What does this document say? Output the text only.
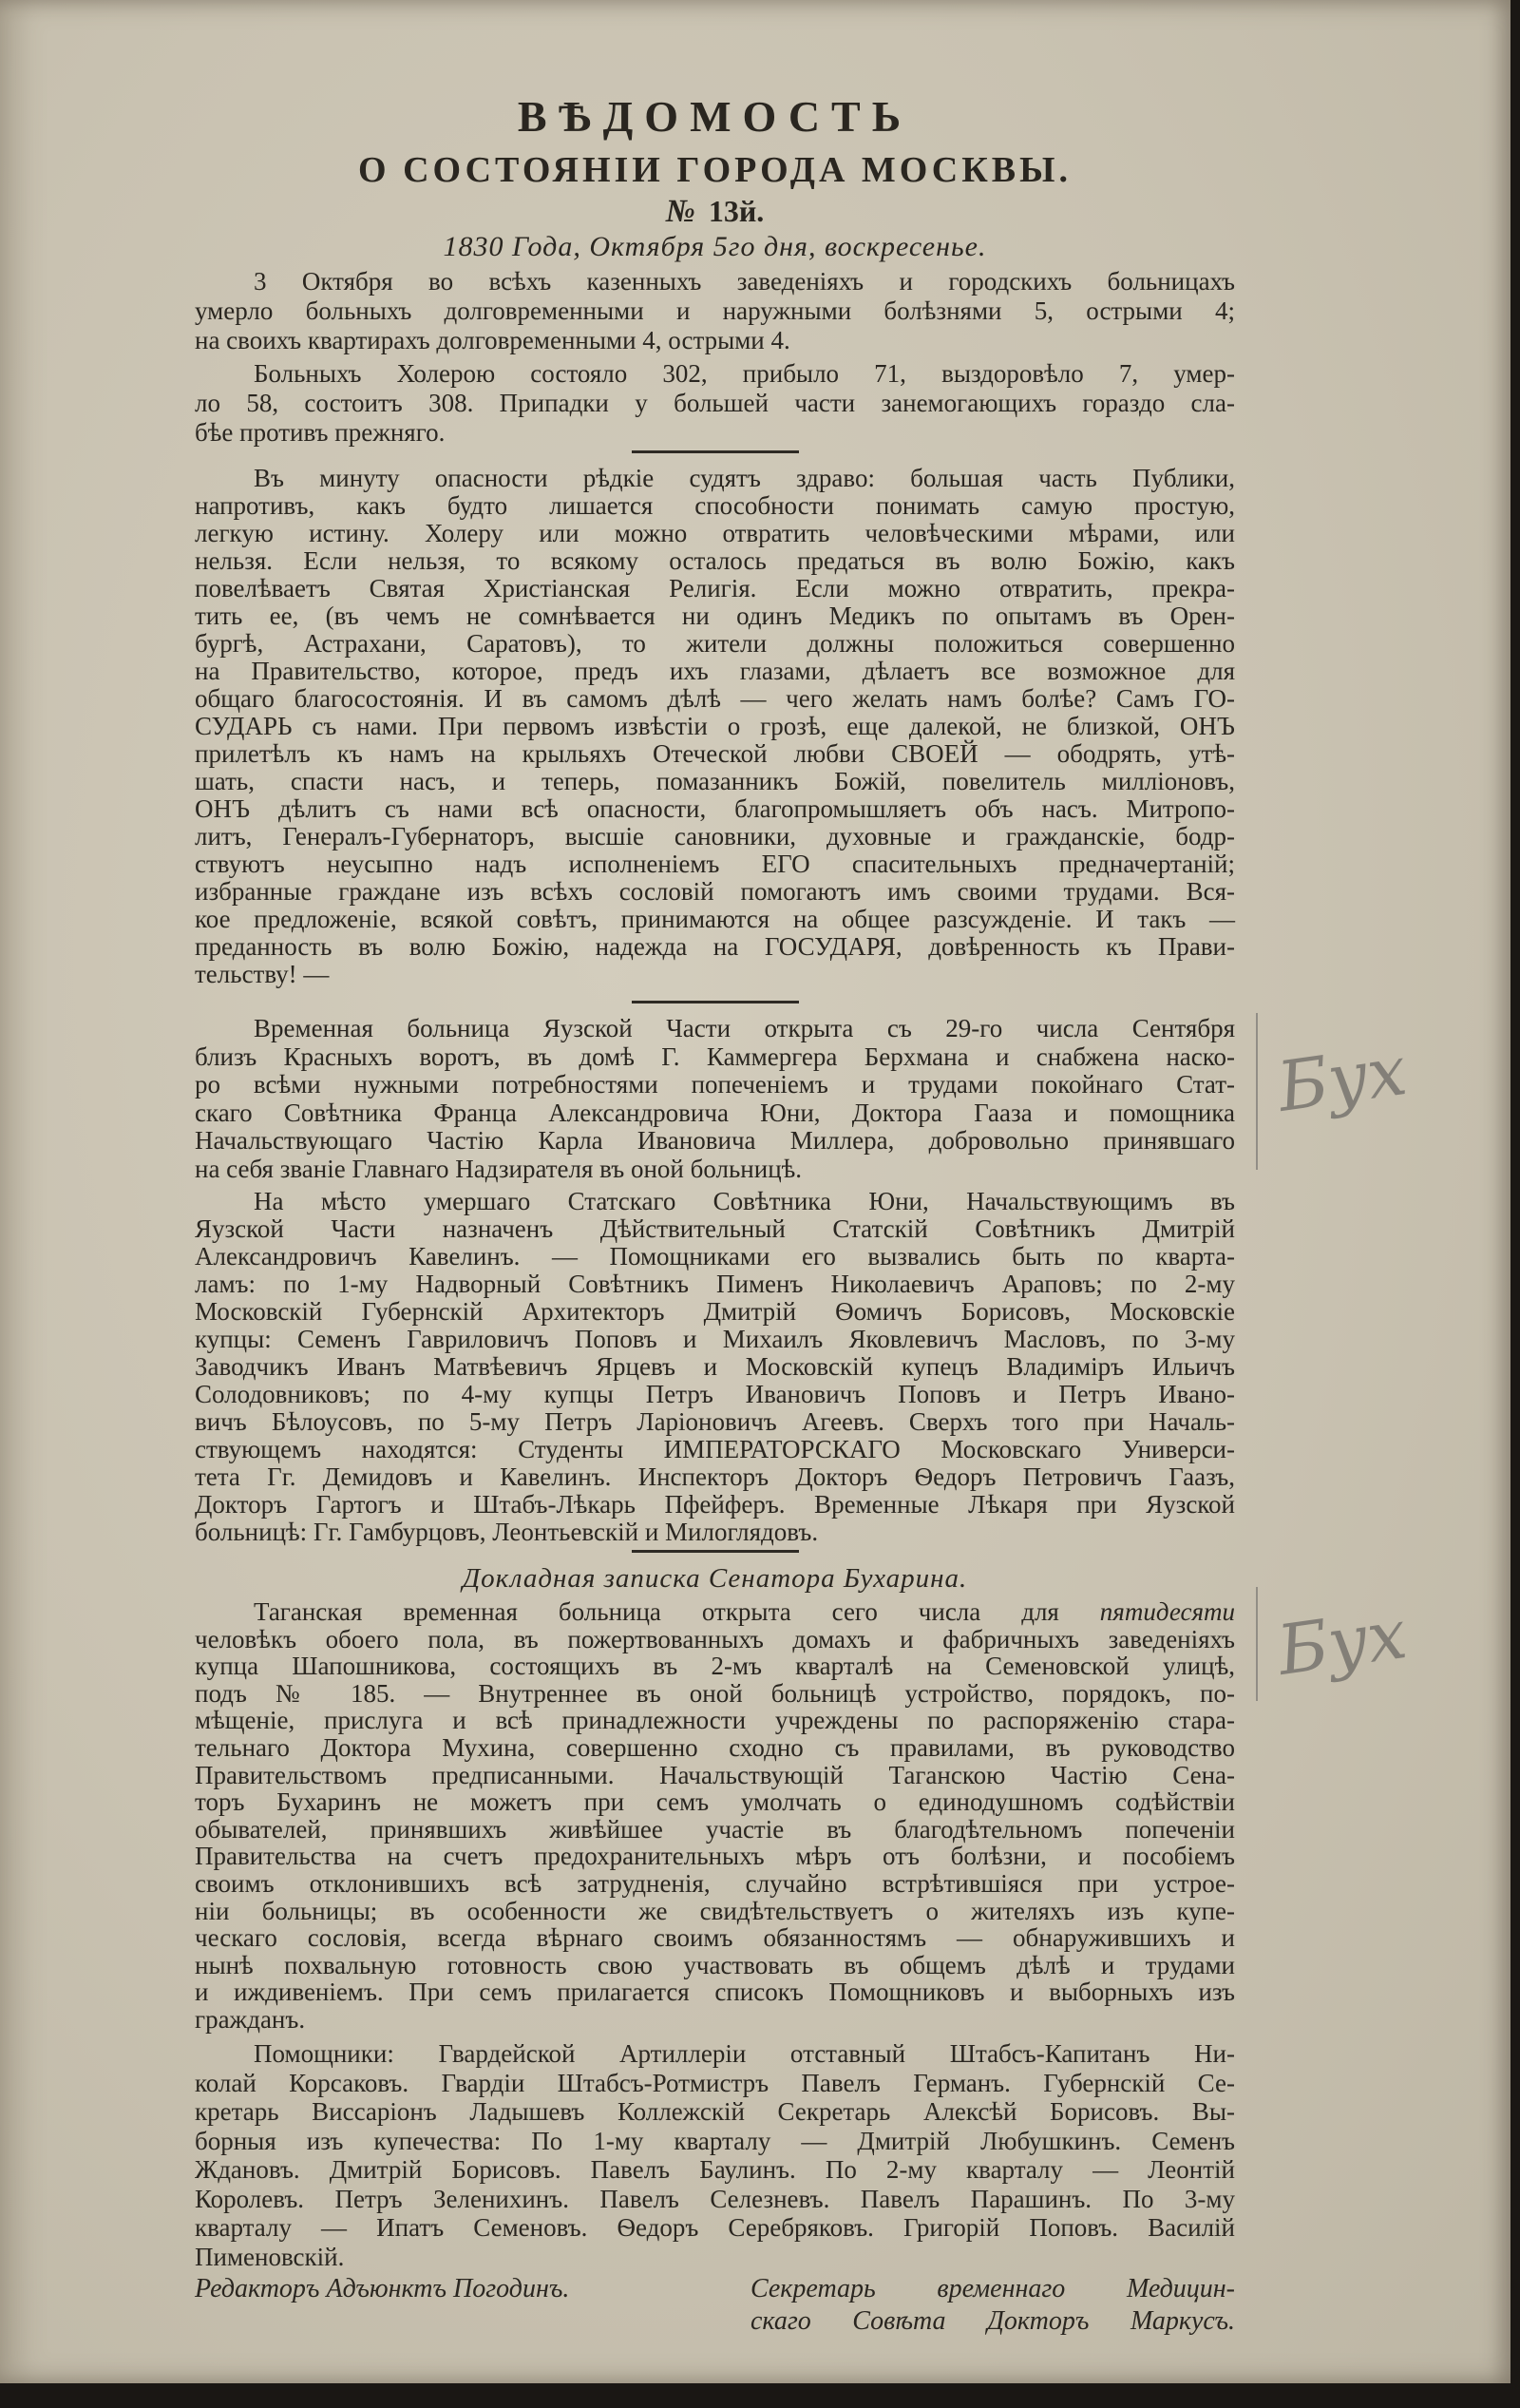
ВѢДОМОСТЬ
О СОСТОЯНІИ ГОРОДА МОСКВЫ.
№ 13й.
1830 Года, Октября 5го дня, воскресенье.
3 Октября во всѣхъ казенныхъ заведеніяхъ и городскихъ больницахъ
умерло больныхъ долговременными и наружными болѣзнями 5, острыми 4;
на своихъ квартирахъ долговременными 4, острыми 4.
Больныхъ Холерою состояло 302, прибыло 71, выздоровѣло 7, умер-
ло 58, состоитъ 308. Припадки у большей части занемогающихъ гораздо сла-
бѣе противъ прежняго.
Въ минуту опасности рѣдкіе судятъ здраво: большая часть Публики,
напротивъ, какъ будто лишается способности понимать самую простую,
легкую истину. Холеру или можно отвратить человѣческими мѣрами, или
нельзя. Если нельзя, то всякому осталось предаться въ волю Божію, какъ
повелѣваетъ Святая Христіанская Религія. Если можно отвратить, прекра-
тить ее, (въ чемъ не сомнѣвается ни одинъ Медикъ по опытамъ въ Орен-
бургѣ, Астрахани, Саратовъ), то жители должны положиться совершенно
на Правительство, которое, предъ ихъ глазами, дѣлаетъ все возможное для
общаго благосостоянія. И въ самомъ дѣлѣ — чего желать намъ болѣе? Самъ ГО-
СУДАРЬ съ нами. При первомъ извѣстіи о грозѣ, еще далекой, не близкой, ОНЪ
прилетѣлъ къ намъ на крыльяхъ Отеческой любви СВОЕЙ — ободрять, утѣ-
шать, спасти насъ, и теперь, помазанникъ Божій, повелитель милліоновъ,
ОНЪ дѣлитъ съ нами всѣ опасности, благопромышляетъ объ насъ. Митропо-
литъ, Генералъ-Губернаторъ, высшіе сановники, духовные и гражданскіе, бодр-
ствуютъ неусыпно надъ исполненіемъ ЕГО спасительныхъ предначертаній;
избранные граждане изъ всѣхъ сословій помогаютъ имъ своими трудами. Вся-
кое предложеніе, всякой совѣтъ, принимаются на общее разсужденіе. И такъ —
преданность въ волю Божію, надежда на ГОСУДАРЯ, довѣренность къ Прави-
тельству! —
Временная больница Яузской Части открыта съ 29-го числа Сентября
близъ Красныхъ воротъ, въ домѣ Г. Каммергера Берхмана и снабжена наско-
ро всѣми нужными потребностями попеченіемъ и трудами покойнаго Стат-
скаго Совѣтника Франца Александровича Юни, Доктора Гааза и помощника
Начальствующаго Частію Карла Ивановича Миллера, добровольно принявшаго
на себя званіе Главнаго Надзирателя въ оной больницѣ.
На мѣсто умершаго Статскаго Совѣтника Юни, Начальствующимъ въ
Яузской Части назначенъ Дѣйствительный Статскій Совѣтникъ Дмитрій
Александровичъ Кавелинъ. — Помощниками его вызвались быть по кварта-
ламъ: по 1-му Надворный Совѣтникъ Пименъ Николаевичъ Араповъ; по 2-му
Московскій Губернскій Архитекторъ Дмитрій Ѳомичъ Борисовъ, Московскіе
купцы: Семенъ Гавриловичъ Поповъ и Михаилъ Яковлевичъ Масловъ, по 3-му
Заводчикъ Иванъ Матвѣевичъ Ярцевъ и Московскій купецъ Владиміръ Ильичъ
Солодовниковъ; по 4-му купцы Петръ Ивановичъ Поповъ и Петръ Ивано-
вичъ Бѣлоусовъ, по 5-му Петръ Ларіоновичъ Агеевъ. Сверхъ того при Началь-
ствующемъ находятся: Студенты ИМПЕРАТОРСКАГО Московскаго Универси-
тета Гг. Демидовъ и Кавелинъ. Инспекторъ Докторъ Ѳедоръ Петровичъ Гаазъ,
Докторъ Гартогъ и Штабъ-Лѣкарь Пфейферъ. Временные Лѣкаря при Яузской
больницѣ: Гг. Гамбурцовъ, Леонтьевскій и Милоглядовъ.
Докладная записка Сенатора Бухарина.
Таганская временная больница открыта сего числа для пятидесяти
человѣкъ обоего пола, въ пожертвованныхъ домахъ и фабричныхъ заведеніяхъ
купца Шапошникова, состоящихъ въ 2-мъ кварталѣ на Семеновской улицѣ,
подъ № 185. — Внутреннее въ оной больницѣ устройство, порядокъ, по-
мѣщеніе, прислуга и всѣ принадлежности учреждены по распоряженію стара-
тельнаго Доктора Мухина, совершенно сходно съ правилами, въ руководство
Правительствомъ предписанными. Начальствующій Таганскою Частію Сена-
торъ Бухаринъ не можетъ при семъ умолчать о единодушномъ содѣйствіи
обывателей, принявшихъ живѣйшее участіе въ благодѣтельномъ попеченіи
Правительства на счетъ предохранительныхъ мѣръ отъ болѣзни, и пособіемъ
своимъ отклонившихъ всѣ затрудненія, случайно встрѣтившіяся при устрое-
ніи больницы; въ особенности же свидѣтельствуетъ о жителяхъ изъ купе-
ческаго сословія, всегда вѣрнаго своимъ обязанностямъ — обнаружившихъ и
нынѣ похвальную готовность свою участвовать въ общемъ дѣлѣ и трудами
и иждивеніемъ. При семъ прилагается списокъ Помощниковъ и выборныхъ изъ
гражданъ.
Помощники: Гвардейской Артиллеріи отставный Штабсъ-Капитанъ Ни-
колай Корсаковъ. Гвардіи Штабсъ-Ротмистръ Павелъ Германъ. Губернскій Се-
кретарь Виссаріонъ Ладышевъ Коллежскій Секретарь Алексѣй Борисовъ. Вы-
борныя изъ купечества: По 1-му кварталу — Дмитрій Любушкинъ. Семенъ
Ждановъ. Дмитрій Борисовъ. Павелъ Баулинъ. По 2-му кварталу — Леонтій
Королевъ. Петръ Зеленихинъ. Павелъ Селезневъ. Павелъ Парашинъ. По 3-му
кварталу — Ипатъ Семеновъ. Ѳедоръ Серебряковъ. Григорій Поповъ. Василій
Пименовскій.
Редакторъ Адъюнктъ Погодинъ.	Секретарь временнаго Медицин-
скаго Совѣта Докторъ Маркусъ.
Бух
Бух
